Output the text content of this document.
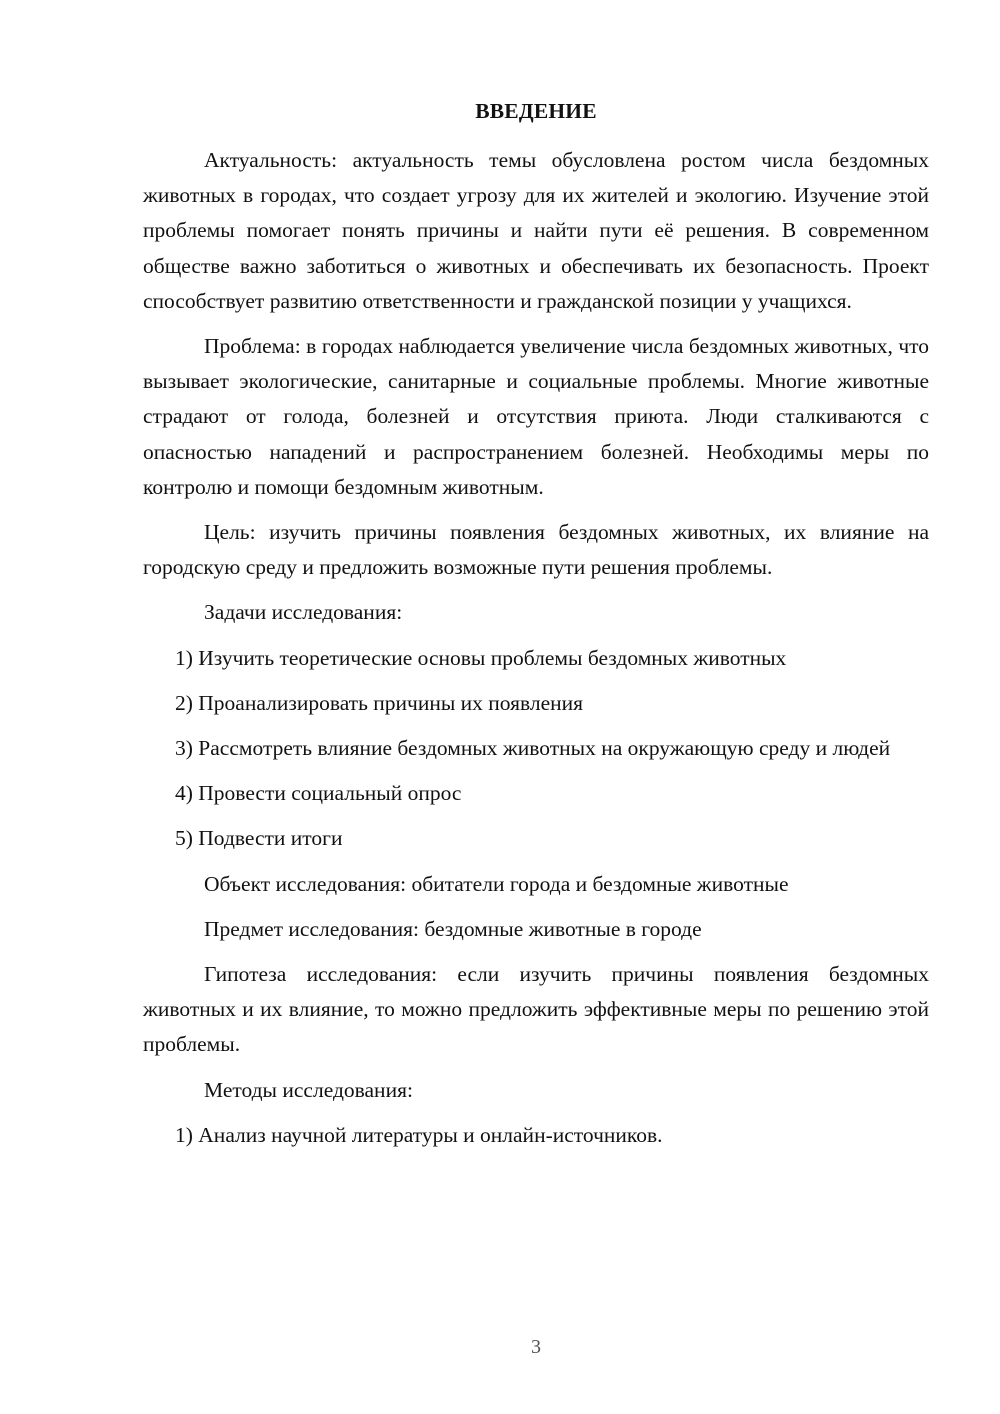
ВВЕДЕНИЕ

Актуальность: актуальность темы обусловлена ростом числа бездомных животных в городах, что создает угрозу для их жителей и экологию. Изучение этой проблемы помогает понять причины и найти пути её решения. В современном обществе важно заботиться о животных и обеспечивать их безопасность. Проект способствует развитию ответственности и гражданской позиции у учащихся.

Проблема: в городах наблюдается увеличение числа бездомных животных, что вызывает экологические, санитарные и социальные проблемы. Многие животные страдают от голода, болезней и отсутствия приюта. Люди сталкиваются с опасностью нападений и распространением болезней. Необходимы меры по контролю и помощи бездомным животным.

Цель: изучить причины появления бездомных животных, их влияние на городскую среду и предложить возможные пути решения проблемы.

Задачи исследования:

1) Изучить теоретические основы проблемы бездомных животных

2) Проанализировать причины их появления

3) Рассмотреть влияние бездомных животных на окружающую среду и людей

4) Провести социальный опрос

5) Подвести итоги

Объект исследования: обитатели города и бездомные животные

Предмет исследования: бездомные животные в городе

Гипотеза исследования: если изучить причины появления бездомных животных и их влияние, то можно предложить эффективные меры по решению этой проблемы.

Методы исследования:

1) Анализ научной литературы и онлайн-источников.

3
